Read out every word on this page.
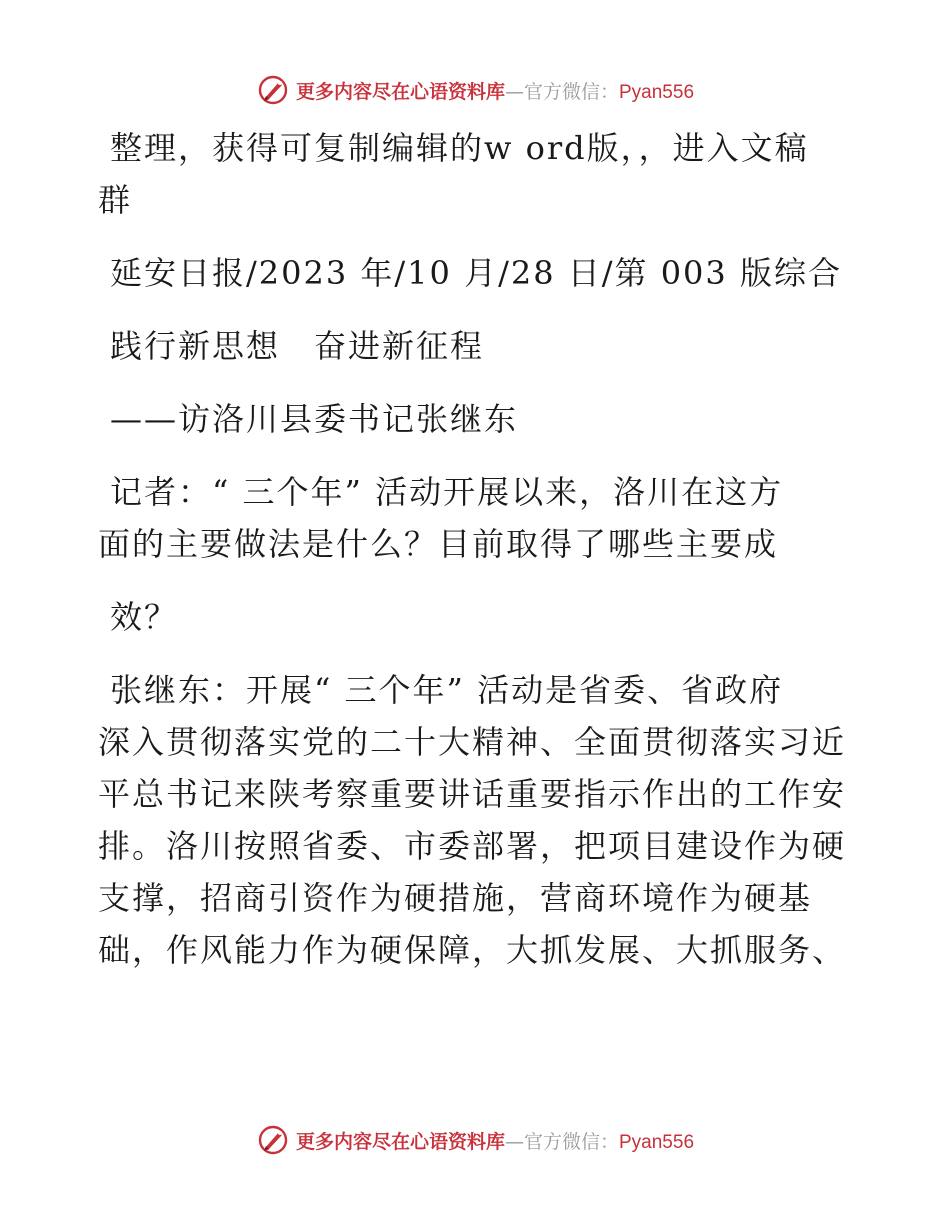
更多内容尽在心语资料库—官方微信：Pyan556
整理，获得可复制编辑的w ord版，，进入文稿
群
延安日报/2023 年/10 月/28 日/第 003 版综合
践行新思想　奋进新征程
——访洛川县委书记张继东
记者：“ 三个年” 活动开展以来，洛川在这方
面的主要做法是什么？目前取得了哪些主要成
效？
张继东：开展“ 三个年” 活动是省委、省政府
深入贯彻落实党的二十大精神、全面贯彻落实习近
平总书记来陕考察重要讲话重要指示作出的工作安
排。洛川按照省委、市委部署，把项目建设作为硬
支撑，招商引资作为硬措施，营商环境作为硬基
础，作风能力作为硬保障，大抓发展、大抓服务、
更多内容尽在心语资料库—官方微信：Pyan556
